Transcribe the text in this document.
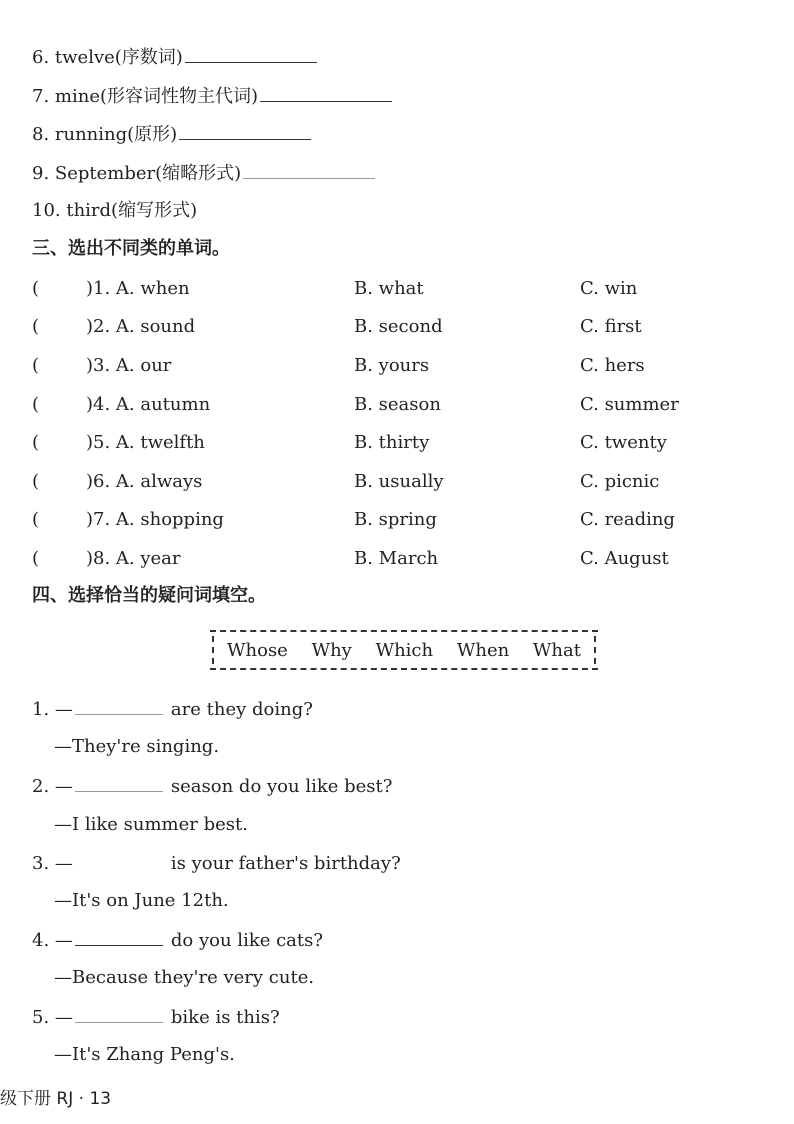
6. twelve(序数词)
7. mine(形容词性物主代词)
8. running(原形)
9. September(缩略形式)
10. third(缩写形式)
三、选出不同类的单词。
(	)1. A. when	B. what	C. win
(	)2. A. sound	B. second	C. first
(	)3. A. our	B. yours	C. hers
(	)4. A. autumn	B. season	C. summer
(	)5. A. twelfth	B. thirty	C. twenty
(	)6. A. always	B. usually	C. picnic
(	)7. A. shopping	B. spring	C. reading
(	)8. A. year	B. March	C. August
四、选择恰当的疑问词填空。
Whose Why Which When What
1. —	are they doing?
—They're singing.
2. —	season do you like best?
—I like summer best.
3. —	is your father's birthday?
—It's on June 12th.
4. —	do you like cats?
—Because they're very cute.
5. —	bike is this?
—It's Zhang Peng's.
级下册 RJ · 13
